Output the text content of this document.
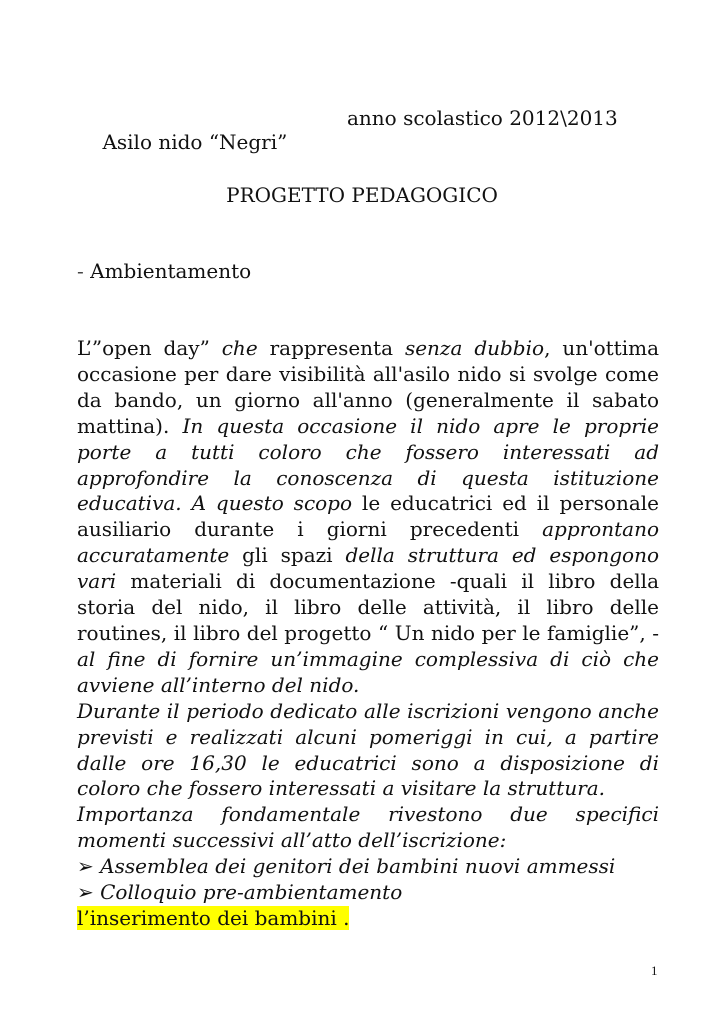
Asilo nido “Negri”

anno scolastico 2012\2013

PROGETTO PEDAGOGICO
- Ambientamento

L’”open day” che rappresenta senza dubbio, un'ottima occasione per dare visibilità all'asilo nido si svolge come da bando, un giorno all'anno (generalmente il sabato mattina). In questa occasione il nido apre le proprie porte a tutti coloro che fossero interessati ad approfondire la conoscenza di questa istituzione educativa. A questo scopo le educatrici ed il personale ausiliario durante i giorni precedenti approntano accuratamente gli spazi della struttura ed espongono vari materiali di documentazione -quali il libro della storia del nido, il libro delle attività, il libro delle routines, il libro del progetto “ Un nido per le famiglie”, - al fine di fornire un’immagine complessiva di ciò che avviene all’interno del nido.

Durante il periodo dedicato alle iscrizioni vengono anche previsti e realizzati alcuni pomeriggi in cui, a partire dalle ore 16,30 le educatrici sono a disposizione di coloro che fossero interessati a visitare la struttura.

Importanza fondamentale rivestono due specifici momenti successivi all’atto dell’iscrizione:

➢ Assemblea dei genitori dei bambini nuovi ammessi
➢ Colloquio pre-ambientamento
l’inserimento dei bambini .
1
